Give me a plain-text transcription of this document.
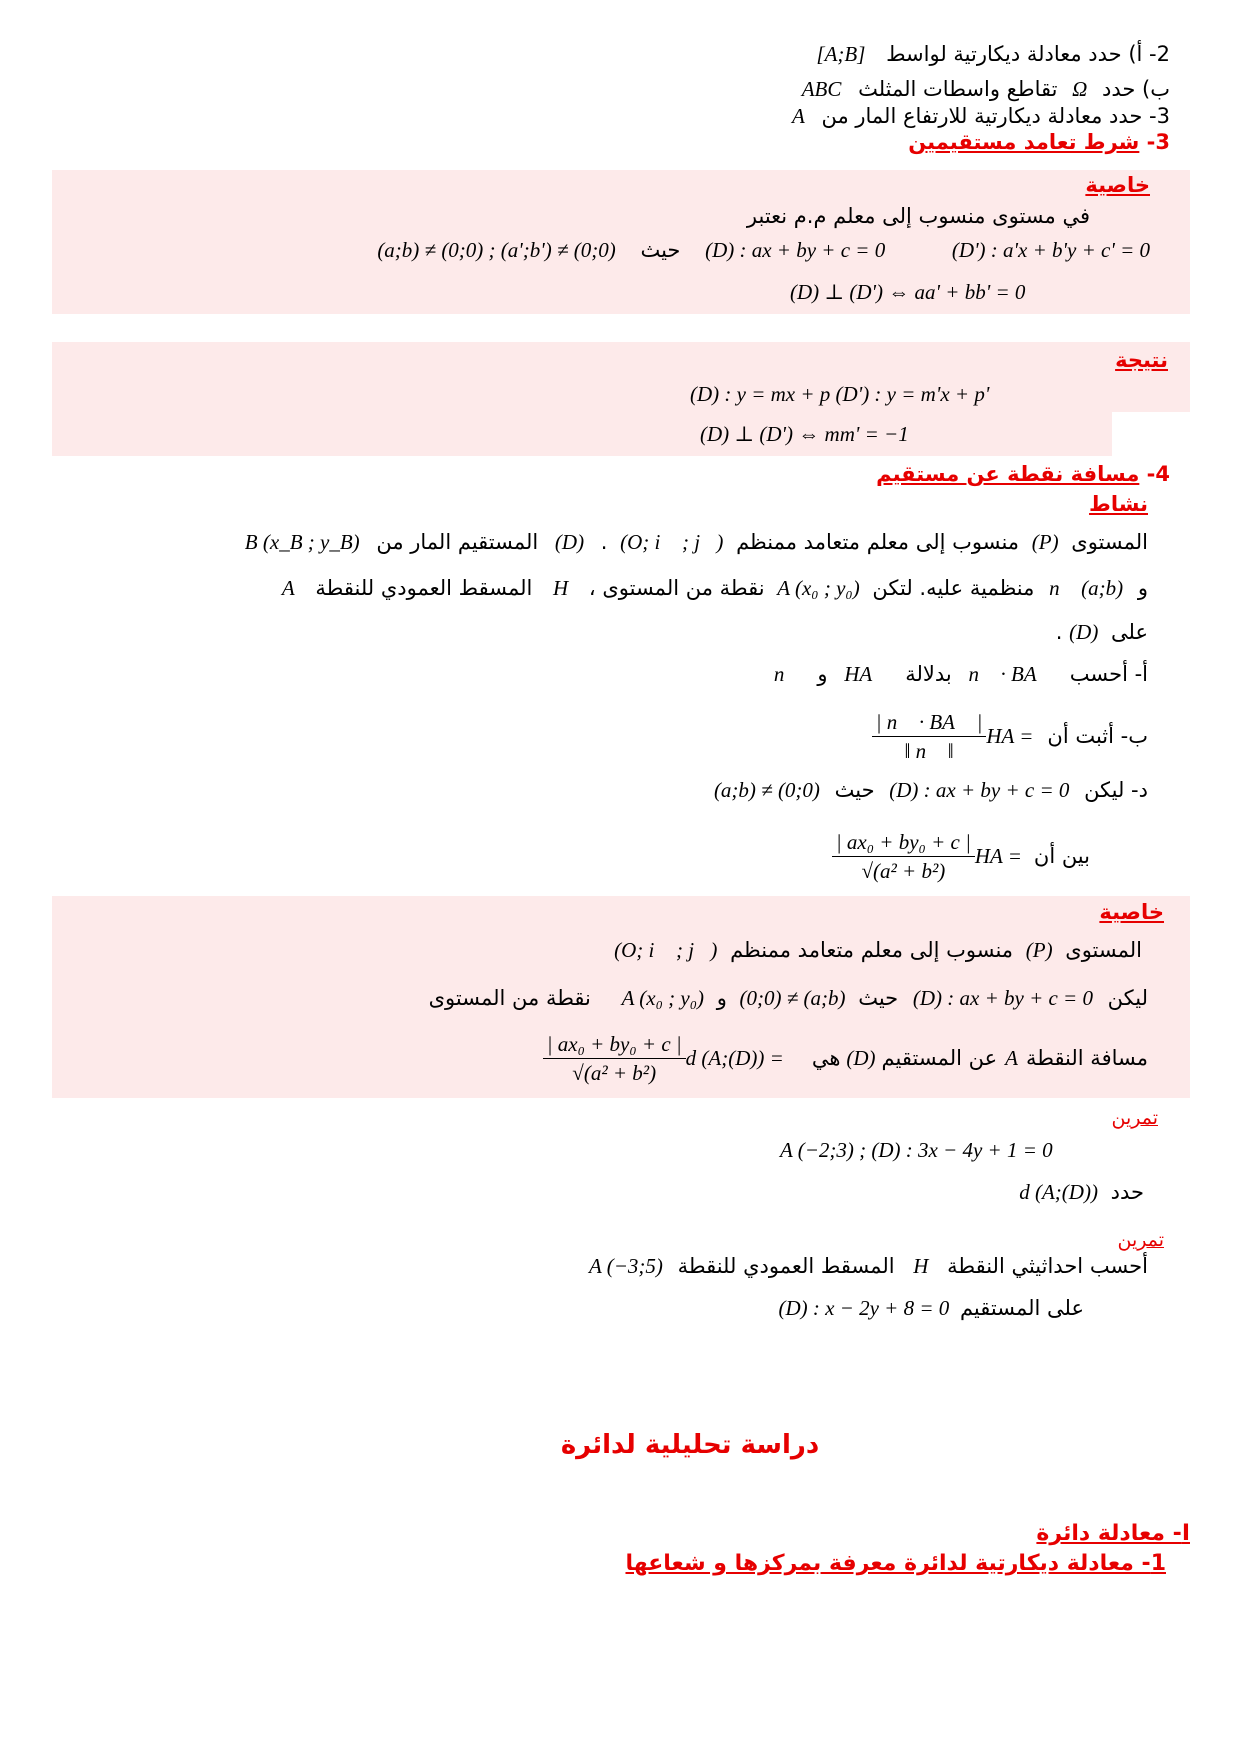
2- أ) حدد معادلة ديكارتية لواسط [A;B]
ب) حدد Ω تقاطع واسطات المثلث ABC
3- حدد معادلة ديكارتية للارتفاع المار من A
3- شرط تعامد مستقيمين
خاصية
في مستوى منسوب إلى معلم م.م نعتبر
(D') : a'x + b'y + c' = 0 (D) : ax + by + c = 0 حيث (a;b) ≠ (0;0) ; (a';b') ≠ (0;0)
(D) ⊥ (D') ⇔ aa' + bb' = 0
نتيجة
(D) : y = mx + p (D') : y = m'x + p'
(D) ⊥ (D') ⇔ mm' = −1
4- مسافة نقطة عن مستقيم
نشاط
المستوى (P) منسوب إلى معلم متعامد ممنظم (O; i⃗ ; j⃗) . (D) المستقيم المار من B (x_B ; y_B)
و n⃗ (a;b) منظمية عليه. لتكن A (x₀ ; y₀) نقطة من المستوى ، H المسقط العمودي للنقطة A
على (D) .
أ- أحسب n⃗ · BA⃗ بدلالة HA⃗ و n⃗
ب- أثبت أن
HA =
$\frac{| n⃗ \cdot BA⃗ |}{‖ n⃗ ‖}$
د- ليكن (D) : ax + by + c = 0 حيث (a;b) ≠ (0;0)
بين أن
HA =
$\frac{\text{| ax₀ + by₀ + c |}}{\text{√(a² + b²)}}$
خاصية
المستوى (P) منسوب إلى معلم متعامد ممنظم (O; i⃗ ; j⃗)
ليكن (D) : ax + by + c = 0 حيث (0;0) ≠ (a;b) و A (x₀ ; y₀) نقطة من المستوى
مسافة النقطة
A
عن المستقيم
(D)
هي
d (A;(D)) =
$\frac{\text{| ax₀ + by₀ + c |}}{\text{√(a² + b²)}}$
تمرين
A (−2;3) ; (D) : 3x − 4y + 1 = 0
حدد d (A;(D))
تمرين
أحسب احداثيثي النقطة H المسقط العمودي للنقطة A (−3;5)
على المستقيم (D) : x − 2y + 8 = 0
دراسة تحليلية لدائرة
I- معادلة دائرة
1- معادلة ديكارتية لدائرة معرفة بمركزها و شعاعها
